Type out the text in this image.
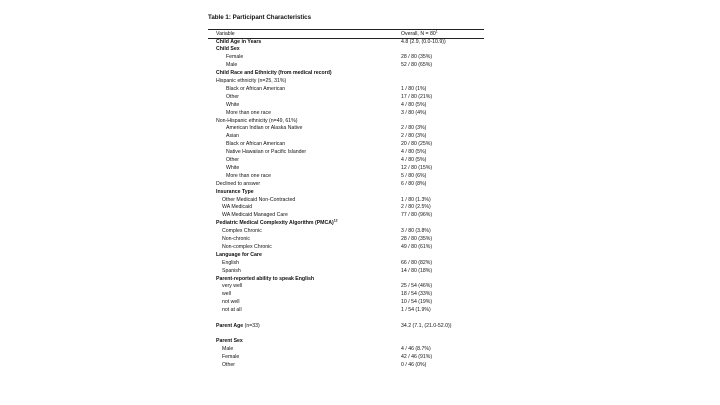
Table 1: Participant Characteristics
Variable	Overall, $N = 80^1$
Child Age in Years	4.8 (2.9, (0.0-10.9))
Child Sex
Female	28 / 80 (35%)
Male	52 / 80 (65%)
Child Race and Ethnicity (from medical record)
Hispanic ethnicity (n=25, 31%)
Black or African American	1 / 80 (1%)
Other	17 / 80 (21%)
White	4 / 80 (5%)
More than one race	3 / 80 (4%)
Non-Hispanic ethnicity (n=49, 61%)
American Indian or Alaska Native	2 / 80 (3%)
Asian	2 / 80 (3%)
Black or African American	20 / 80 (25%)
Native Hawaiian or Pacific Islander	4 / 80 (5%)
Other	4 / 80 (5%)
White	12 / 80 (15%)
More than one race	5 / 80 (6%)
Declined to answer	6 / 80 (8%)
Insurance Type
Other Medicaid Non-Contracted	1 / 80 (1.3%)
WA Medicaid	2 / 80 (2.5%)
WA Medicaid Managed Care	77 / 80 (96%)
Pediatric Medical Complexity Algorithm (PMCA)$^{12}$
Complex Chronic	3 / 80 (3.8%)
Non-chronic	28 / 80 (35%)
Non-complex Chronic	49 / 80 (61%)
Language for Care
English	66 / 80 (82%)
Spanish	14 / 80 (18%)
Parent-reported ability to speak English
very well	25 / 54 (46%)
well	18 / 54 (33%)
not well	10 / 54 (19%)
not at all	1 / 54 (1.9%)
Parent Age (n=33)	34.2 (7.1, (21.0-52.0))
Parent Sex
Male	4 / 46 (8.7%)
Female	42 / 46 (91%)
Other	0 / 46 (0%)
